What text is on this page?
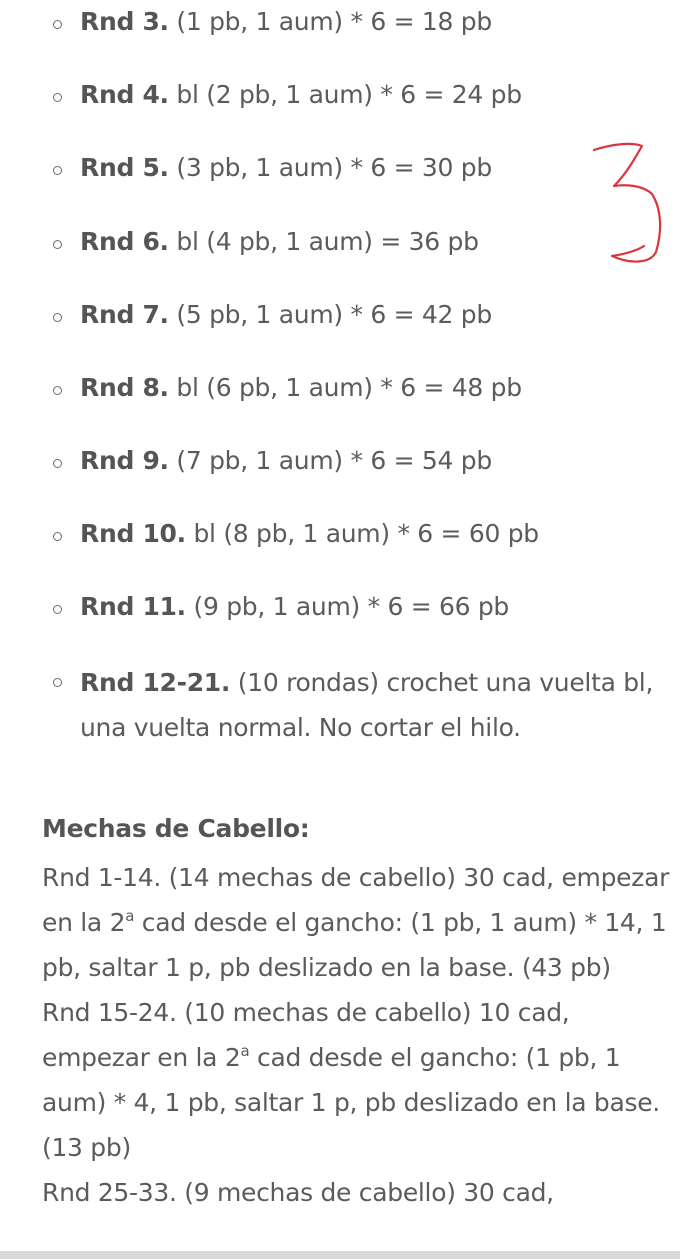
Rnd 3. (1 pb, 1 aum) * 6 = 18 pb
Rnd 4. bl (2 pb, 1 aum) * 6 = 24 pb
Rnd 5. (3 pb, 1 aum) * 6 = 30 pb
Rnd 6. bl (4 pb, 1 aum) = 36 pb
Rnd 7. (5 pb, 1 aum) * 6 = 42 pb
Rnd 8. bl (6 pb, 1 aum) * 6 = 48 pb
Rnd 9. (7 pb, 1 aum) * 6 = 54 pb
Rnd 10. bl (8 pb, 1 aum) * 6 = 60 pb
Rnd 11. (9 pb, 1 aum) * 6 = 66 pb
Rnd 12-21. (10 rondas) crochet una vuelta bl, una vuelta normal. No cortar el hilo.
Mechas de Cabello:

Rnd 1-14. (14 mechas de cabello) 30 cad, empezar en la 2$^a$ cad desde el gancho: (1 pb, 1 aum) * 14, 1 pb, saltar 1 p, pb deslizado en la base. (43 pb)

Rnd 15-24. (10 mechas de cabello) 10 cad, empezar en la 2$^a$ cad desde el gancho: (1 pb, 1 aum) * 4, 1 pb, saltar 1 p, pb deslizado en la base. (13 pb)

Rnd 25-33. (9 mechas de cabello) 30 cad,
